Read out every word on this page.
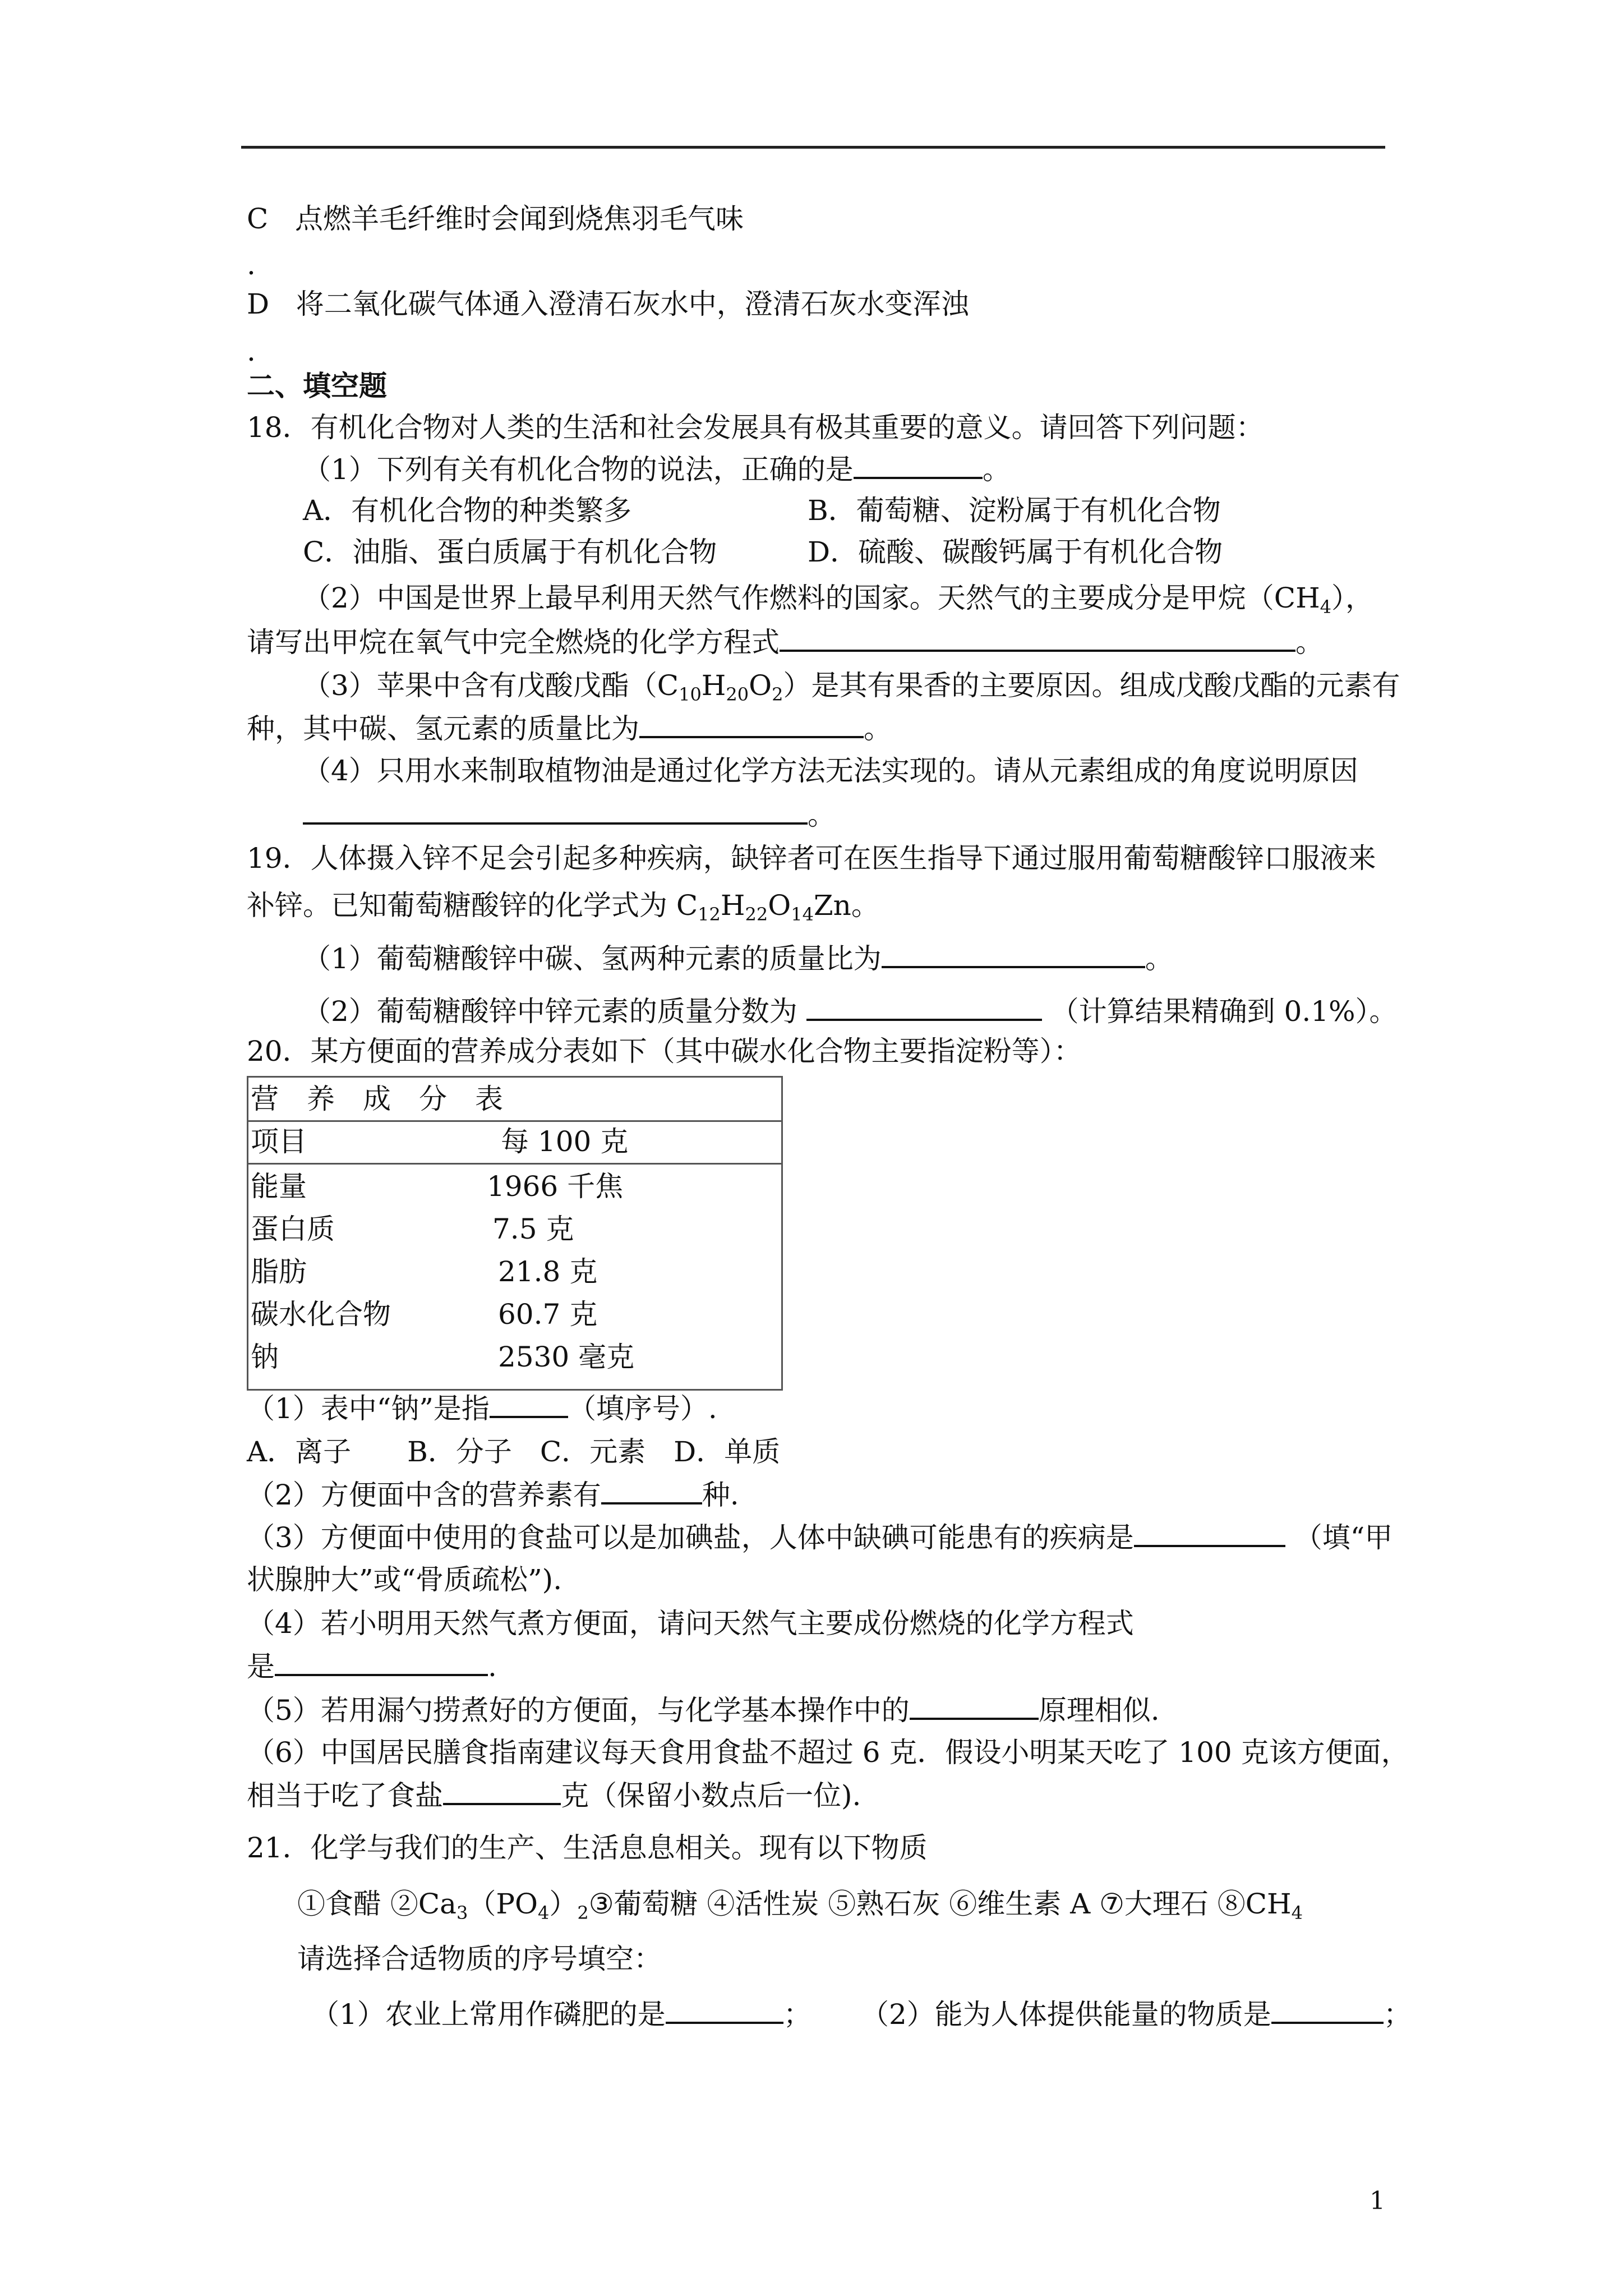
C 点燃羊毛纤维时会闻到烧焦羽毛气味
.
D 将二氧化碳气体通入澄清石灰水中，澄清石灰水变浑浊
.
二、填空题
18．有机化合物对人类的生活和社会发展具有极其重要的意义。请回答下列问题：
（1）下列有关有机化合物的说法，正确的是	。
A．有机化合物的种类繁多	B．葡萄糖、淀粉属于有机化合物
C．油脂、蛋白质属于有机化合物	D．硫酸、碳酸钙属于有机化合物
（2）中国是世界上最早利用天然气作燃料的国家。天然气的主要成分是甲烷$(CH_4)$，
请写出甲烷在氧气中完全燃烧的化学方程式	。
（3）苹果中含有戊酸戊酯$(C_{10}H_{20}O_2)$是其有果香的主要原因。组成戊酸戊酯的元素有
种，其中碳、氢元素的质量比为	。
（4）只用水来制取植物油是通过化学方法无法实现的。请从元素组成的角度说明原因
。
19．人体摄入锌不足会引起多种疾病，缺锌者可在医生指导下通过服用葡萄糖酸锌口服液来
补锌。已知葡萄糖酸锌的化学式为 $C_{12}H_{22}O_{14}Zn$。
（1）葡萄糖酸锌中碳、氢两种元素的质量比为	。
（2）葡萄糖酸锌中锌元素的质量分数为	（计算结果精确到 0.1%）。
20．某方便面的营养成分表如下（其中碳水化合物主要指淀粉等）：
营　养　成　分　表
项目	每 100 克
能量	1966 千焦
蛋白质	7.5 克
脂肪	21.8 克
碳水化合物	60.7 克
钠	2530 毫克
（1）表中“钠”是指	（填序号）.
A．离子　　B．分子　C．元素　D．单质
（2）方便面中含的营养素有	种.
（3）方便面中使用的食盐可以是加碘盐，人体中缺碘可能患有的疾病是	（填“甲
状腺肿大”或“骨质疏松”).
（4）若小明用天然气煮方便面，请问天然气主要成份燃烧的化学方程式
是	.
（5）若用漏勺捞煮好的方便面，与化学基本操作中的	原理相似.
（6）中国居民膳食指南建议每天食用食盐不超过 6 克．假设小明某天吃了 100 克该方便面，
相当于吃了食盐	克（保留小数点后一位).
21．化学与我们的生产、生活息息相关。现有以下物质
①食醋 $②Ca_3(PO_4)_2③$葡萄糖 ④活性炭 ⑤熟石灰 ⑥维生素 A ⑦大理石 $⑧CH_4$
请选择合适物质的序号填空：
（1）农业上常用作磷肥的是	； （2）能为人体提供能量的物质是	；
1
